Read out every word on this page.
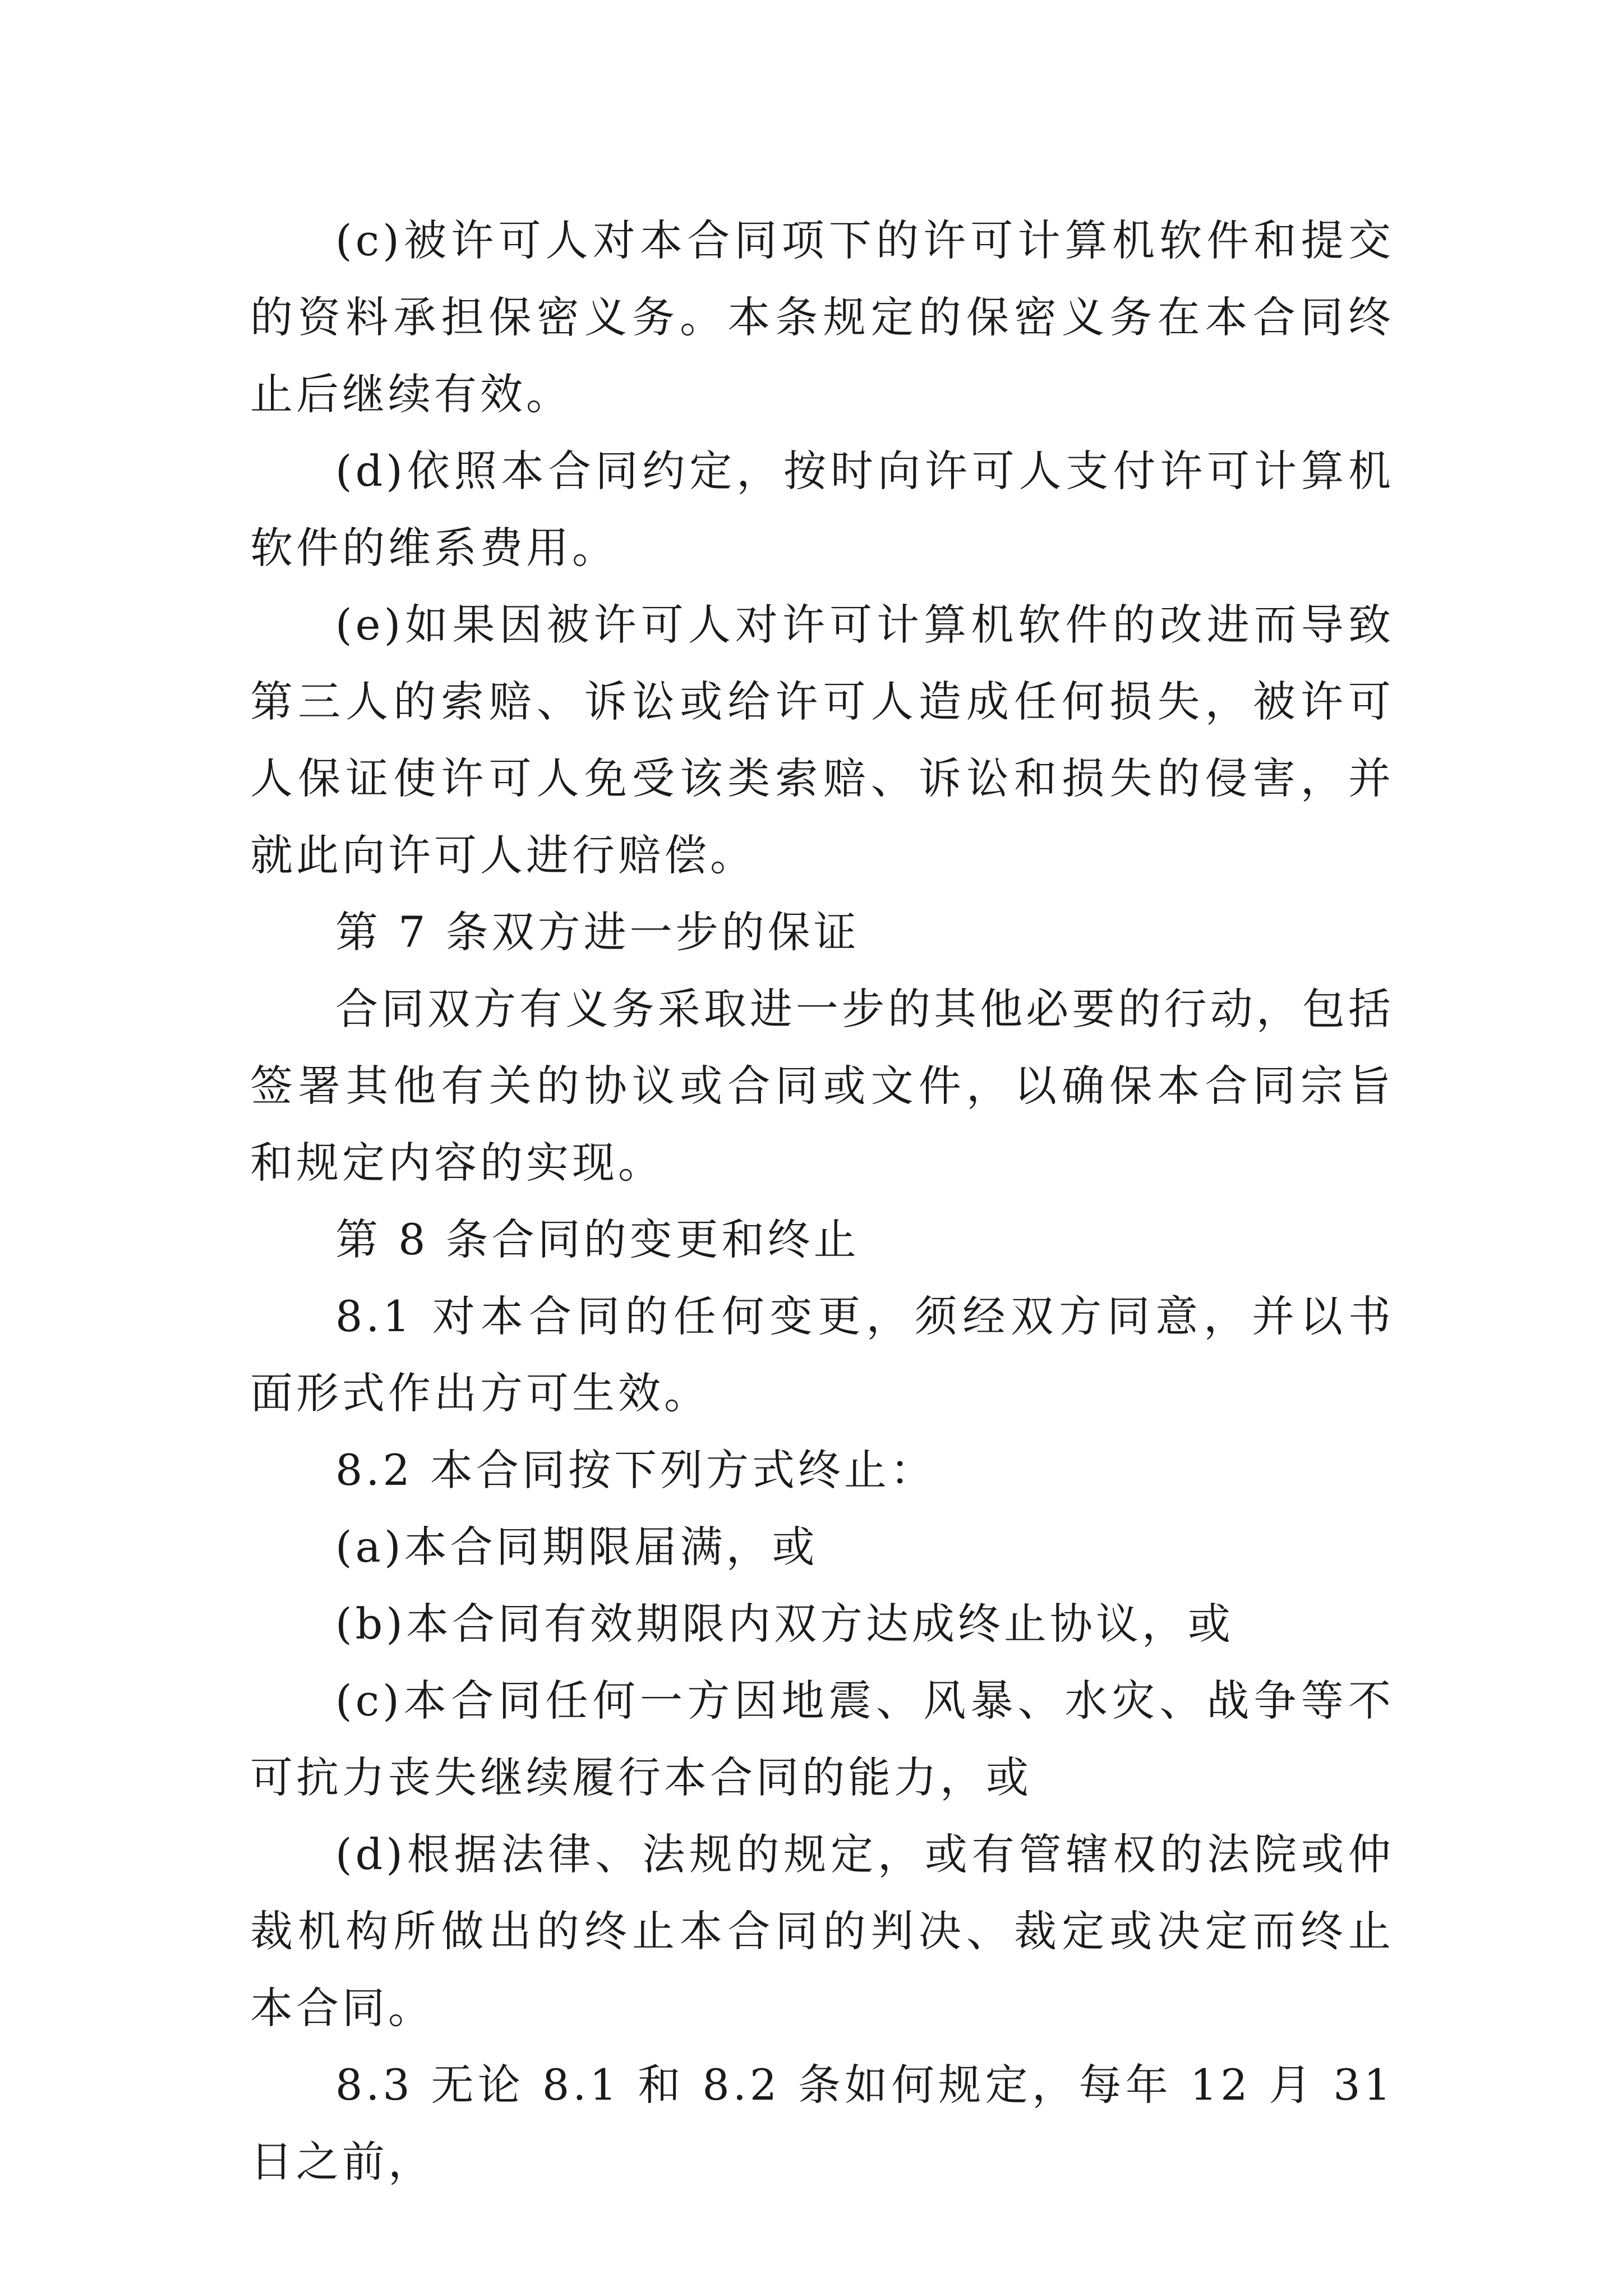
(c)被许可人对本合同项下的许可计算机软件和提交的资料承担保密义务。本条规定的保密义务在本合同终止后继续有效。

(d)依照本合同约定，按时向许可人支付许可计算机软件的维系费用。

(e)如果因被许可人对许可计算机软件的改进而导致第三人的索赔、诉讼或给许可人造成任何损失，被许可人保证使许可人免受该类索赔、诉讼和损失的侵害，并就此向许可人进行赔偿。

第 7 条双方进一步的保证

合同双方有义务采取进一步的其他必要的行动，包括签署其他有关的协议或合同或文件，以确保本合同宗旨和规定内容的实现。

第 8 条合同的变更和终止

8.1 对本合同的任何变更，须经双方同意，并以书面形式作出方可生效。

8.2 本合同按下列方式终止：

(a)本合同期限届满，或

(b)本合同有效期限内双方达成终止协议，或

(c)本合同任何一方因地震、风暴、水灾、战争等不可抗力丧失继续履行本合同的能力，或

(d)根据法律、法规的规定，或有管辖权的法院或仲裁机构所做出的终止本合同的判决、裁定或决定而终止本合同。

8.3 无论 8.1 和 8.2 条如何规定，每年 12 月 31 日之前，
